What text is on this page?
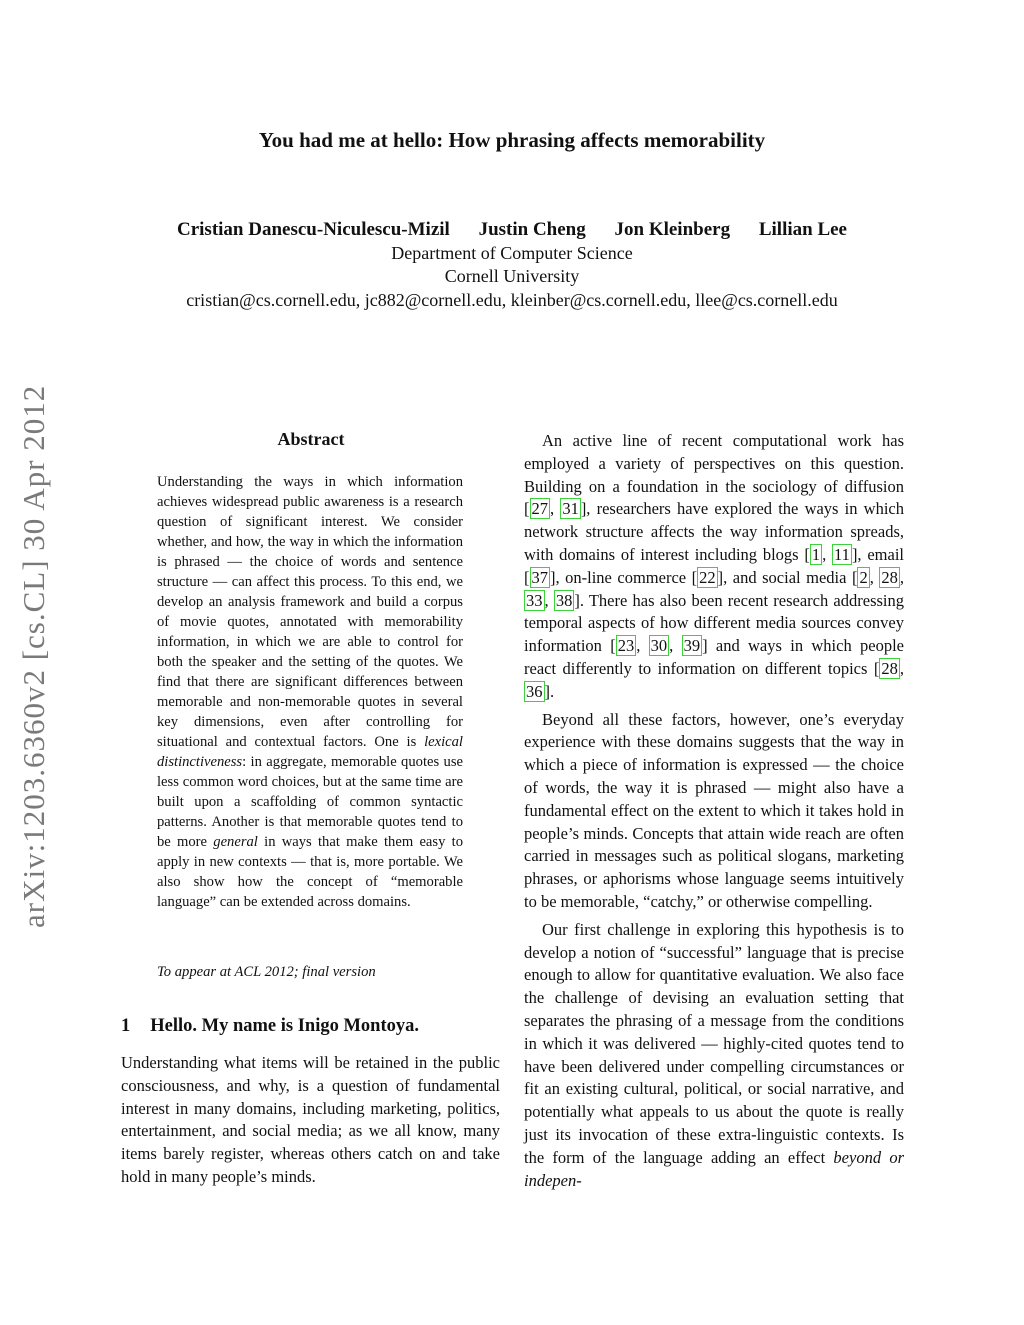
You had me at hello: How phrasing affects memorability
Cristian Danescu-Niculescu-Mizil Justin Cheng Jon Kleinberg Lillian Lee
Department of Computer Science
Cornell University
cristian@cs.cornell.edu, jc882@cornell.edu, kleinber@cs.cornell.edu, llee@cs.cornell.edu
arXiv:1203.6360v2 [cs.CL] 30 Apr 2012	Abstract
Understanding the ways in which information achieves widespread public awareness is a research question of significant interest. We consider whether, and how, the way in which the information is phrased — the choice of words and sentence structure — can affect this process. To this end, we develop an analysis framework and build a corpus of movie quotes, annotated with memorability information, in which we are able to control for both the speaker and the setting of the quotes. We find that there are significant differences between memorable and non-memorable quotes in several key dimensions, even after controlling for situational and contextual factors. One is lexical distinctiveness: in aggregate, memorable quotes use less common word choices, but at the same time are built upon a scaffolding of common syntactic patterns. Another is that memorable quotes tend to be more general in ways that make them easy to apply in new contexts — that is, more portable. We also show how the concept of “memorable language” can be extended across domains.
To appear at ACL 2012; final version
1 Hello. My name is Inigo Montoya.
Understanding what items will be retained in the public consciousness, and why, is a question of fundamental interest in many domains, including marketing, politics, entertainment, and social media; as we all know, many items barely register, whereas others catch on and take hold in many people’s minds.

An active line of recent computational work has employed a variety of perspectives on this question. Building on a foundation in the sociology of diffusion [ 27 , 31 ], researchers have explored the ways in which network structure affects the way information spreads, with domains of interest including blogs [ 1 , 11 ], email [ 37 ], on-line commerce [ 22 ], and social media [ 2 , 28 , 33 , 38 ]. There has also been recent research addressing temporal aspects of how different media sources convey information [ 23 , 30 , 39 ] and ways in which people react differently to information on different topics [ 28 , 36 ].

Beyond all these factors, however, one’s everyday experience with these domains suggests that the way in which a piece of information is expressed — the choice of words, the way it is phrased — might also have a fundamental effect on the extent to which it takes hold in people’s minds. Concepts that attain wide reach are often carried in messages such as political slogans, marketing phrases, or aphorisms whose language seems intuitively to be memorable, “catchy,” or otherwise compelling.

Our first challenge in exploring this hypothesis is to develop a notion of “successful” language that is precise enough to allow for quantitative evaluation. We also face the challenge of devising an evaluation setting that separates the phrasing of a message from the conditions in which it was delivered — highly-cited quotes tend to have been delivered under compelling circumstances or fit an existing cultural, political, or social narrative, and potentially what appeals to us about the quote is really just its invocation of these extra-linguistic contexts. Is the form of the language adding an effect beyond or indepen-
